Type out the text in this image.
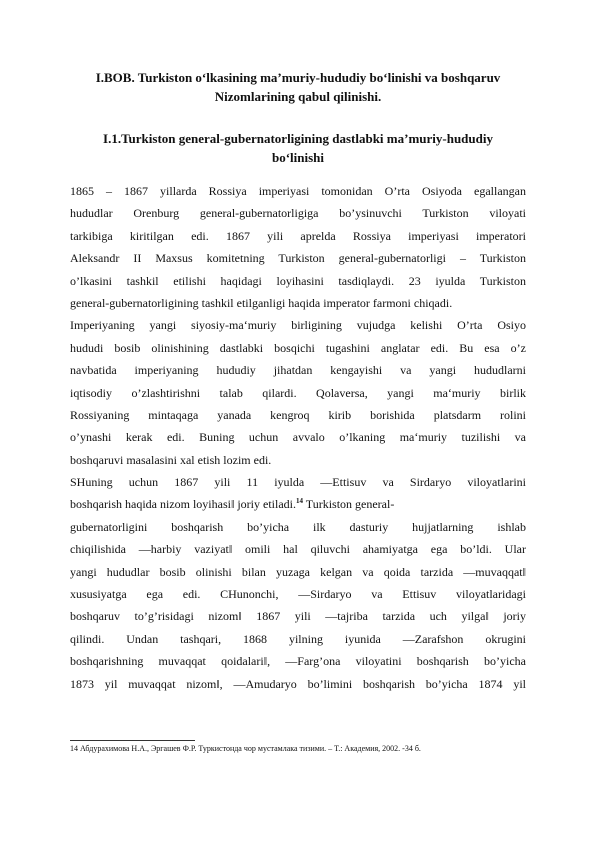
I.BOB. Turkiston o‘lkasining ma’muriy-hududiy bo‘linishi va boshqaruv
Nizomlarining qabul qilinishi.
I.1.Turkiston general-gubernatorligining dastlabki ma’muriy-hududiy
bo‘linishi
1865 – 1867 yillarda Rossiya imperiyasi tomonidan O’rta Osiyoda egallangan
hududlar Orenburg general-gubernatorligiga bo’ysinuvchi Turkiston viloyati
tarkibiga kiritilgan edi. 1867 yili aprelda Rossiya imperiyasi imperatori
Aleksandr II Maxsus komitetning Turkiston general-gubernatorligi – Turkiston
o’lkasini tashkil etilishi haqidagi loyihasini tasdiqlaydi. 23 iyulda Turkiston
general-gubernatorligining tashkil etilganligi haqida imperator farmoni chiqadi.
Imperiyaning yangi siyosiy-ma‘muriy birligining vujudga kelishi O’rta Osiyo
hududi bosib olinishining dastlabki bosqichi tugashini anglatar edi. Bu esa o’z
navbatida imperiyaning hududiy jihatdan kengayishi va yangi hududlarni
iqtisodiy o’zlashtirishni talab qilardi. Qolaversa, yangi ma‘muriy birlik
Rossiyaning mintaqaga yanada kengroq kirib borishida platsdarm rolini
o’ynashi kerak edi. Buning uchun avvalo o’lkaning ma‘muriy tuzilishi va
boshqaruvi masalasini xal etish lozim edi.
SHuning uchun 1867 yili 11 iyulda ―Ettisuv va Sirdaryo viloyatlarini
boshqarish haqida nizom loyihasi‖ joriy etiladi.$^{14}$ Turkiston general-
gubernatorligini boshqarish bo’yicha ilk dasturiy hujjatlarning ishlab
chiqilishida ―harbiy vaziyat‖ omili hal qiluvchi ahamiyatga ega bo’ldi. Ular
yangi hududlar bosib olinishi bilan yuzaga kelgan va qoida tarzida ―muvaqqat‖
xususiyatga ega edi. CHunonchi, ―Sirdaryo va Ettisuv viloyatlaridagi
boshqaruv to’g’risidagi nizom‖ 1867 yili ―tajriba tarzida uch yilga‖ joriy
qilindi. Undan tashqari, 1868 yilning iyunida ―Zarafshon okrugini
boshqarishning muvaqqat qoidalari‖, ―Farg’ona viloyatini boshqarish bo’yicha
1873 yil muvaqqat nizom‖, ―Amudaryo bo’limini boshqarish bo’yicha 1874 yil
14 Абдурахимова Н.А., Эргашев Ф.Р. Туркистонда чор мустамлака тизими. – Т.: Академия, 2002. -34 б.
